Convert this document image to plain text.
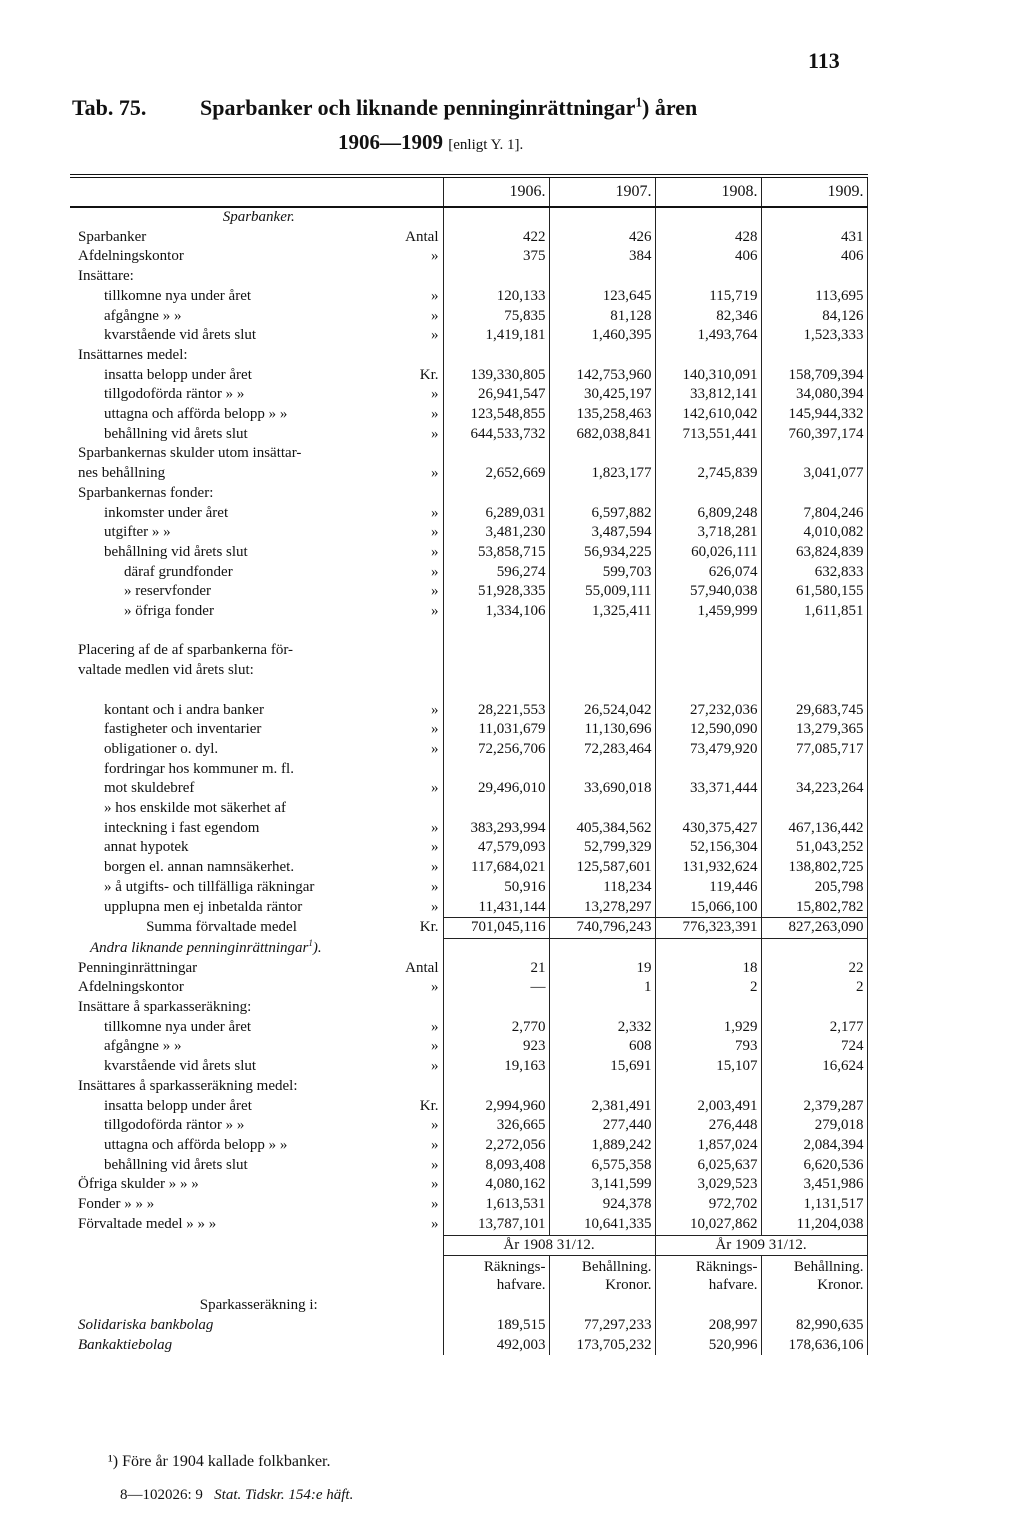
113
Tab. 75. Sparbanker och liknande penninginrättningar$^1$) åren
1906—1909 [enligt Y. 1].
		1906.	1907.	1908.	1909.
Sparbanker.					
Sparbanker	Antal	422	426	428	431
Afdelningskontor	»	375	384	406	406
Insättare:					
tillkomne nya under året	»	120,133	123,645	115,719	113,695
afgångne » »	»	75,835	81,128	82,346	84,126
kvarstående vid årets slut	»	1,419,181	1,460,395	1,493,764	1,523,333
Insättarnes medel:					
insatta belopp under året	Kr.	139,330,805	142,753,960	140,310,091	158,709,394
tillgodoförda räntor » »	»	26,941,547	30,425,197	33,812,141	34,080,394
uttagna och afförda belopp » »	»	123,548,855	135,258,463	142,610,042	145,944,332
behållning vid årets slut	»	644,533,732	682,038,841	713,551,441	760,397,174
Sparbankernas skulder utom insättar-					
nes behållning	»	2,652,669	1,823,177	2,745,839	3,041,077
Sparbankernas fonder:					
inkomster under året	»	6,289,031	6,597,882	6,809,248	7,804,246
utgifter » »	»	3,481,230	3,487,594	3,718,281	4,010,082
behållning vid årets slut	»	53,858,715	56,934,225	60,026,111	63,824,839
däraf grundfonder	»	596,274	599,703	626,074	632,833
» reservfonder	»	51,928,335	55,009,111	57,940,038	61,580,155
» öfriga fonder	»	1,334,106	1,325,411	1,459,999	1,611,851

Placering af de af sparbankerna för-					
valtade medlen vid årets slut:					

kontant och i andra banker	»	28,221,553	26,524,042	27,232,036	29,683,745
fastigheter och inventarier	»	11,031,679	11,130,696	12,590,090	13,279,365
obligationer o. dyl.	»	72,256,706	72,283,464	73,479,920	77,085,717
fordringar hos kommuner m. fl.					
mot skuldebref	»	29,496,010	33,690,018	33,371,444	34,223,264
» hos enskilde mot säkerhet af					
inteckning i fast egendom	»	383,293,994	405,384,562	430,375,427	467,136,442
annat hypotek	»	47,579,093	52,799,329	52,156,304	51,043,252
borgen el. annan namnsäkerhet.	»	117,684,021	125,587,601	131,932,624	138,802,725
» å utgifts- och tillfälliga räkningar	»	50,916	118,234	119,446	205,798
upplupna men ej inbetalda räntor	»	11,431,144	13,278,297	15,066,100	15,802,782
Summa förvaltade medel	Kr.	701,045,116	740,796,243	776,323,391	827,263,090
Andra liknande penninginrättningar$^1$).					
Penninginrättningar	Antal	21	19	18	22
Afdelningskontor	»	—	1	2	2
Insättare å sparkasseräkning:					
tillkomne nya under året	»	2,770	2,332	1,929	2,177
afgångne » »	»	923	608	793	724
kvarstående vid årets slut	»	19,163	15,691	15,107	16,624
Insättares å sparkasseräkning medel:					
insatta belopp under året	Kr.	2,994,960	2,381,491	2,003,491	2,379,287
tillgodoförda räntor » »	»	326,665	277,440	276,448	279,018
uttagna och afförda belopp » »	»	2,272,056	1,889,242	1,857,024	2,084,394
behållning vid årets slut	»	8,093,408	6,575,358	6,025,637	6,620,536
Öfriga skulder » » »	»	4,080,162	3,141,599	3,029,523	3,451,986
Fonder » » »	»	1,613,531	924,378	972,702	1,131,517
Förvaltade medel » » »	»	13,787,101	10,641,335	10,027,862	11,204,038
		År 1908 31/12.		År 1909 31/12.	
		Räknings-hafvare.	Behållning. Kronor.	Räknings-hafvare.	Behållning. Kronor.
Sparkasseräkning i:					
Solidariska bankbolag		189,515	77,297,233	208,997	82,990,635
Bankaktiebolag		492,003	173,705,232	520,996	178,636,106
¹) Före år 1904 kallade folkbanker.
8—102026: 9 Stat. Tidskr. 154:e häft.
